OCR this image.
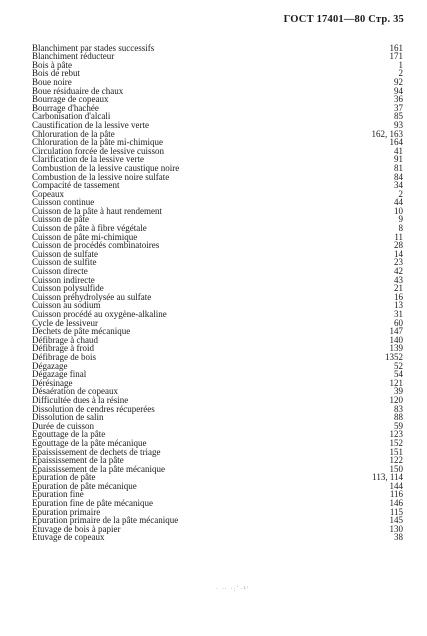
ГОСТ 17401—80 Стр. 35
Blanchiment par stades successifs	161
Blanchiment réducteur	171
Bois à pâte	1
Bois de rebut	2
Boue noire	92
Boue résiduaire de chaux	94
Bourrage de copeaux	36
Bourrage d'hachée	37
Carbonisation d'alcali	85
Caustification de la lessive verte	93
Chloruration de la pâte	162, 163
Chloruration de la pâte mi-chimique	164
Circulation forcée de lessive cuisson	41
Clarification de la lessive verte	91
Combustion de la lessive caustique noire	81
Combustion de la lessive noire sulfate	84
Compacité de tassement	34
Copeaux	2
Cuisson continue	44
Cuisson de la pâte à haut rendement	10
Cuisson de pâte	9
Cuisson de pâte à fibre végétale	8
Cuisson de pâte mi-chimique	11
Cuisson de procédés combinatoires	28
Cuisson de sulfate	14
Cuisson de sulfite	23
Cuisson directe	42
Cuisson indirecte	43
Cuisson polysulfide	21
Cuisson préhydrolysée au sulfate	16
Cuisson au sodium	13
Cuisson procédé au oxygène-alkaline	31
Cycle de lessiveur	60
Dechets de pâte mécanique	147
Défibrage à chaud	140
Défibrage à froid	139
Défibrage de bois	1352
Dégazage	52
Dégazage final	54
Dérésinage	121
Désaération de copeaux	39
Difficultée dues à la résine	120
Dissolution de cendres récuperées	83
Dissolution de salin	88
Durée de cuisson	59
Egouttage de la pâte	123
Egouttage de la pâte mécanique	152
Epaississement de dechets de triage	151
Epaississement de la pâte	122
Epaississement de la pâte mécanique	150
Epuration de pâte	113, 114
Epuration de pâte mécanique	144
Epuration fine	116
Epuration fine de pâte mécanique	146
Epuration primaire	115
Epuration primaire de la pâte mécanique	145
Etuvage de bois à papier	130
Etuvage de copeaux	38
· ·· ·:`·¹ʼ
